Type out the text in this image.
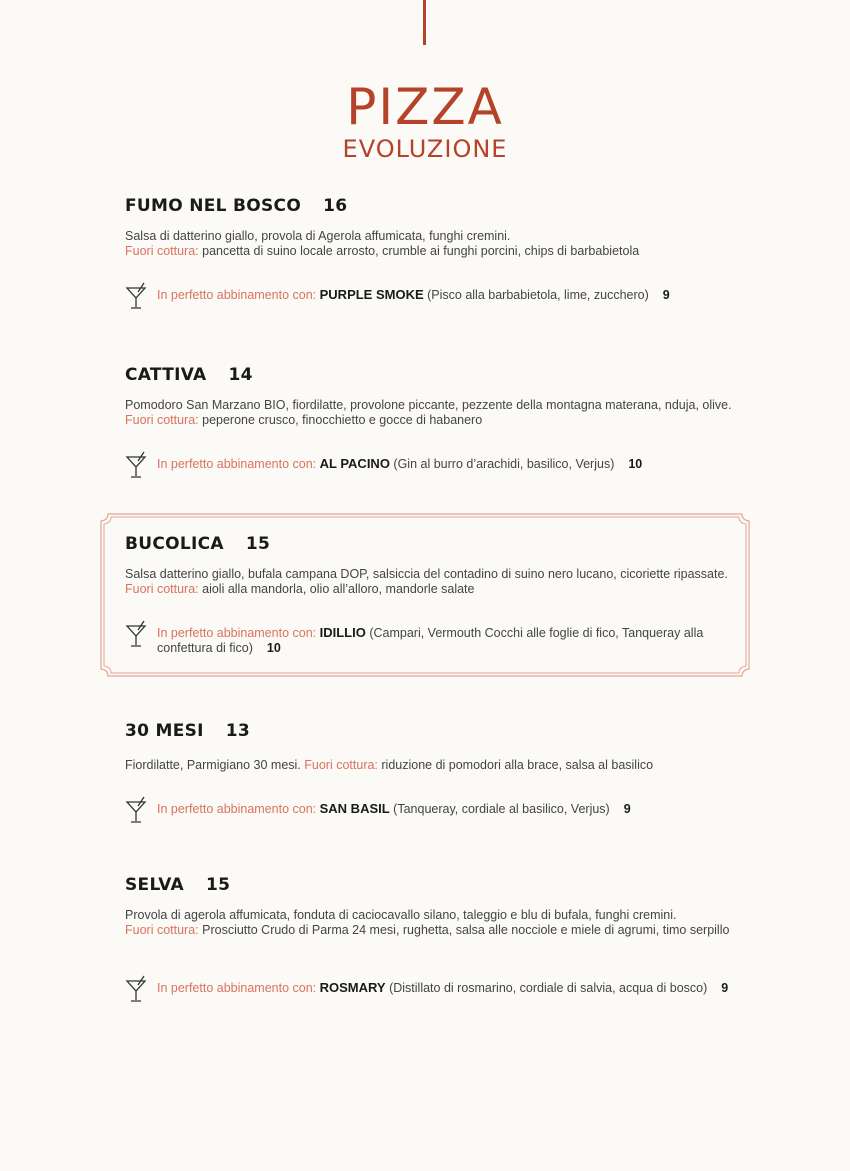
PIZZA
EVOLUZIONE
FUMO NEL BOSCO 16
Salsa di datterino giallo, provola di Agerola affumicata, funghi cremini.
Fuori cottura: pancetta di suino locale arrosto, crumble ai funghi porcini, chips di barbabietola
In perfetto abbinamento con: PURPLE SMOKE (Pisco alla barbabietola, lime, zucchero) 9
CATTIVA 14
Pomodoro San Marzano BIO, fiordilatte, provolone piccante, pezzente della montagna materana, nduja, olive.
Fuori cottura: peperone crusco, finocchietto e gocce di habanero
In perfetto abbinamento con: AL PACINO (Gin al burro d’arachidi, basilico, Verjus) 10
BUCOLICA 15
Salsa datterino giallo, bufala campana DOP, salsiccia del contadino di suino nero lucano, cicoriette ripassate.
Fuori cottura: aioli alla mandorla, olio all’alloro, mandorle salate
In perfetto abbinamento con: IDILLIO (Campari, Vermouth Cocchi alle foglie di fico, Tanqueray alla confettura di fico) 10
30 MESI 13
Fiordilatte, Parmigiano 30 mesi. Fuori cottura: riduzione di pomodori alla brace, salsa al basilico
In perfetto abbinamento con: SAN BASIL (Tanqueray, cordiale al basilico, Verjus) 9
SELVA 15
Provola di agerola affumicata, fonduta di caciocavallo silano, taleggio e blu di bufala, funghi cremini.
Fuori cottura: Prosciutto Crudo di Parma 24 mesi, rughetta, salsa alle nocciole e miele di agrumi, timo serpillo
In perfetto abbinamento con: ROSMARY (Distillato di rosmarino, cordiale di salvia, acqua di bosco) 9
